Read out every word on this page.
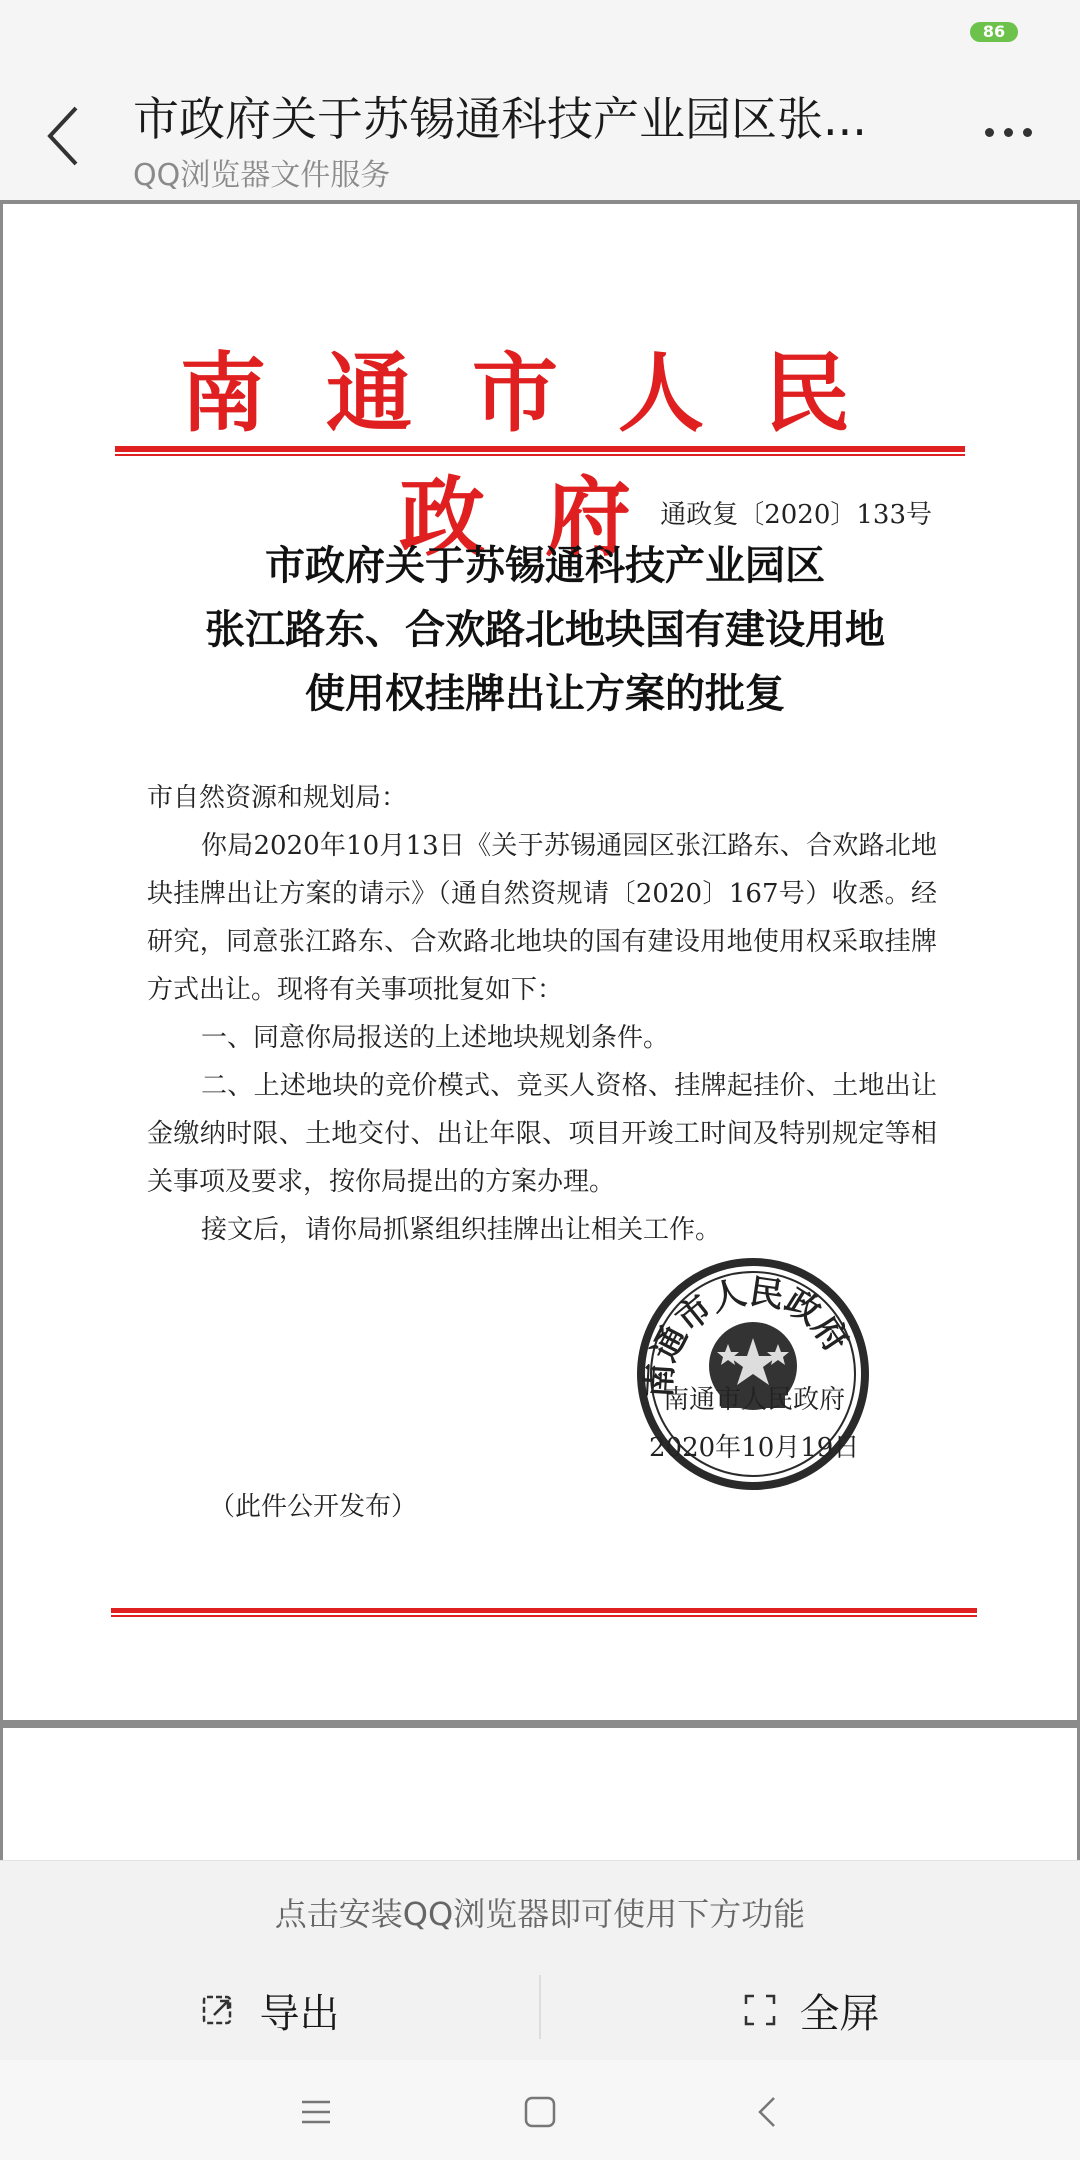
86
市政府关于苏锡通科技产业园区张...
QQ浏览器文件服务
南通市人民政府
通政复〔2020〕133号
市政府关于苏锡通科技产业园区
张江路东、合欢路北地块国有建设用地
使用权挂牌出让方案的批复

市自然资源和规划局：

你局2020年10月13日《关于苏锡通园区张江路东、合欢路北地块挂牌出让方案的请示》（通自然资规请〔2020〕167号）收悉。经研究，同意张江路东、合欢路北地块的国有建设用地使用权采取挂牌方式出让。现将有关事项批复如下：

一、同意你局报送的上述地块规划条件。

二、上述地块的竞价模式、竞买人资格、挂牌起挂价、土地出让金缴纳时限、土地交付、出让年限、项目开竣工时间及特别规定等相关事项及要求，按你局提出的方案办理。

接文后，请你局抓紧组织挂牌出让相关工作。

南通市人民政府
南通市人民政府
2020年10月19日
（此件公开发布）
点击安装QQ浏览器即可使用下方功能
导出	全屏
